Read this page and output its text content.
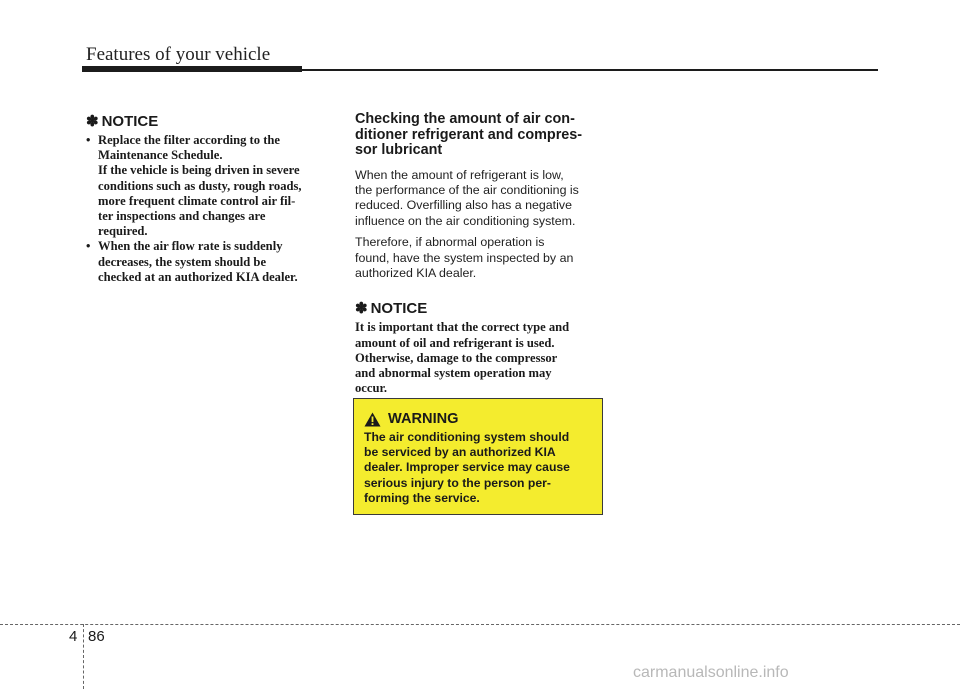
Features of your vehicle
✽ NOTICE
• Replace the filter according to the
Maintenance Schedule.
If the vehicle is being driven in severe
conditions such as dusty, rough roads,
more frequent climate control air fil-
ter inspections and changes are
required.
• When the air flow rate is suddenly
decreases, the system should be
checked at an authorized KIA dealer.
Checking the amount of air con-
ditioner refrigerant and compres-
sor lubricant

When the amount of refrigerant is low,
the performance of the air conditioning is
reduced. Overfilling also has a negative
influence on the air conditioning system.

Therefore, if abnormal operation is
found, have the system inspected by an
authorized KIA dealer.

✽ NOTICE

It is important that the correct type and
amount of oil and refrigerant is used.
Otherwise, damage to the compressor
and abnormal system operation may
occur.

WARNING

The air conditioning system should
be serviced by an authorized KIA
dealer. Improper service may cause
serious injury to the person per-
forming the service.

4 86
carmanualsonline.info
